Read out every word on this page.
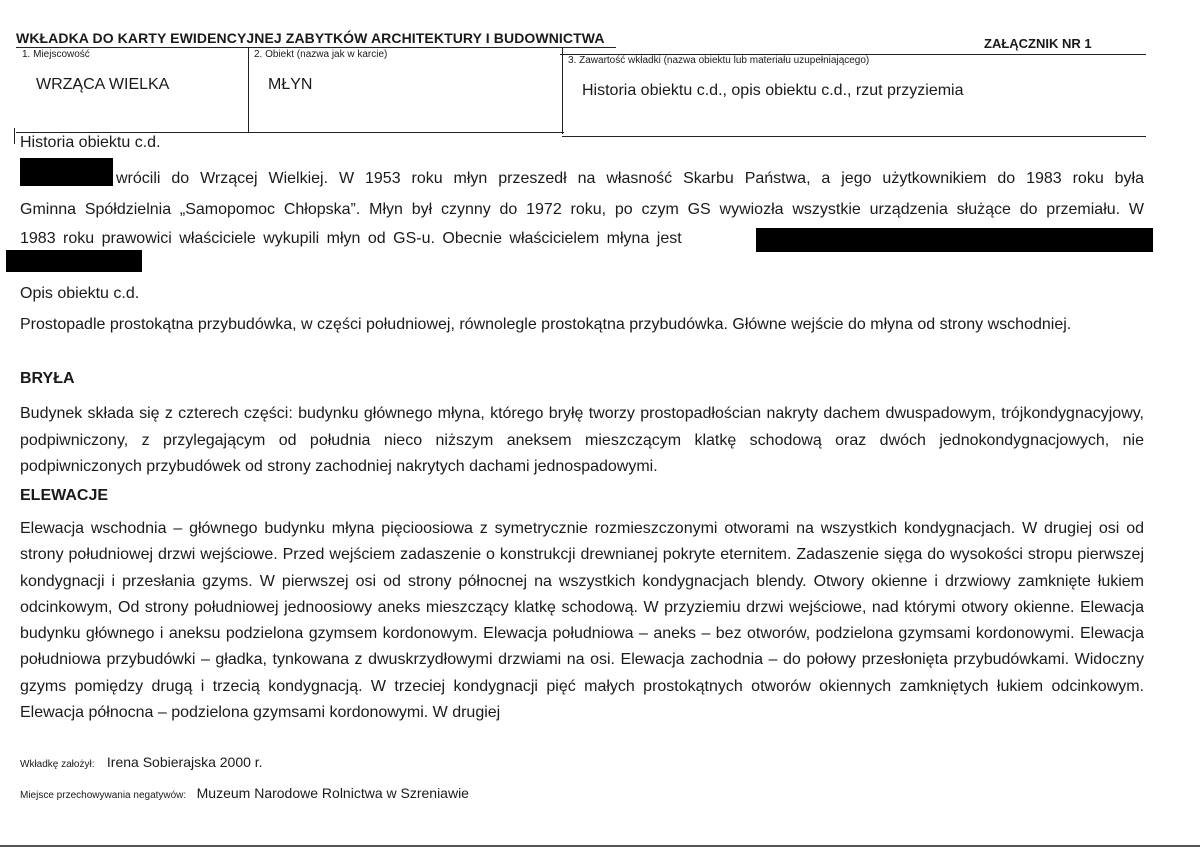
WKŁADKA DO KARTY EWIDENCYJNEJ ZABYTKÓW ARCHITEKTURY I BUDOWNICTWA	ZAŁĄCZNIK NR 1
1. Miejscowość
WRZĄCA WIELKA
2. Obiekt (nazwa jak w karcie)
MŁYN
3. Zawartość wkładki (nazwa obiektu lub materiału uzupełniającego)
Historia obiektu c.d., opis obiektu c.d., rzut przyziemia
Historia obiektu c.d.
wrócili do Wrzącej Wielkiej. W 1953 roku młyn przeszedł na własność Skarbu Państwa, a jego użytkownikiem do 1983 roku była
Gminna Spółdzielnia „Samopomoc Chłopska”. Młyn był czynny do 1972 roku, po czym GS wywiozła wszystkie urządzenia służące do przemiału. W
1983 roku prawowici właściciele wykupili młyn od GS-u. Obecnie właścicielem młyna jest
Opis obiektu c.d.
Prostopadle prostokątna przybudówka, w części południowej, równolegle prostokątna przybudówka. Główne wejście do młyna od strony wschodniej.
BRYŁA
Budynek składa się z czterech części: budynku głównego młyna, którego bryłę tworzy prostopadłościan nakryty dachem dwuspadowym, trójkondygnacyjowy, podpiwniczony, z przylegającym od południa nieco niższym aneksem mieszczącym klatkę schodową oraz dwóch jednokondygnacjowych, nie podpiwniczonych przybudówek od strony zachodniej nakrytych dachami jednospadowymi.
ELEWACJE
Elewacja wschodnia – głównego budynku młyna pięcioosiowa z symetrycznie rozmieszczonymi otworami na wszystkich kondygnacjach. W drugiej osi od strony południowej drzwi wejściowe. Przed wejściem zadaszenie o konstrukcji drewnianej pokryte eternitem. Zadaszenie sięga do wysokości stropu pierwszej kondygnacji i przesłania gzyms. W pierwszej osi od strony północnej na wszystkich kondygnacjach blendy. Otwory okienne i drzwiowy zamknięte łukiem odcinkowym, Od strony południowej jednoosiowy aneks mieszczący klatkę schodową. W przyziemiu drzwi wejściowe, nad którymi otwory okienne. Elewacja budynku głównego i aneksu podzielona gzymsem kordonowym. Elewacja południowa – aneks – bez otworów, podzielona gzymsami kordonowymi. Elewacja południowa przybudówki – gładka, tynkowana z dwuskrzydłowymi drzwiami na osi. Elewacja zachodnia – do połowy przesłonięta przybudówkami. Widoczny gzyms pomiędzy drugą i trzecią kondygnacją. W trzeciej kondygnacji pięć małych prostokątnych otworów okiennych zamkniętych łukiem odcinkowym. Elewacja północna – podzielona gzymsami kordonowymi. W drugiej
Wkładkę założył: Irena Sobierajska 2000 r.
Miejsce przechowywania negatywów: Muzeum Narodowe Rolnictwa w Szreniawie
